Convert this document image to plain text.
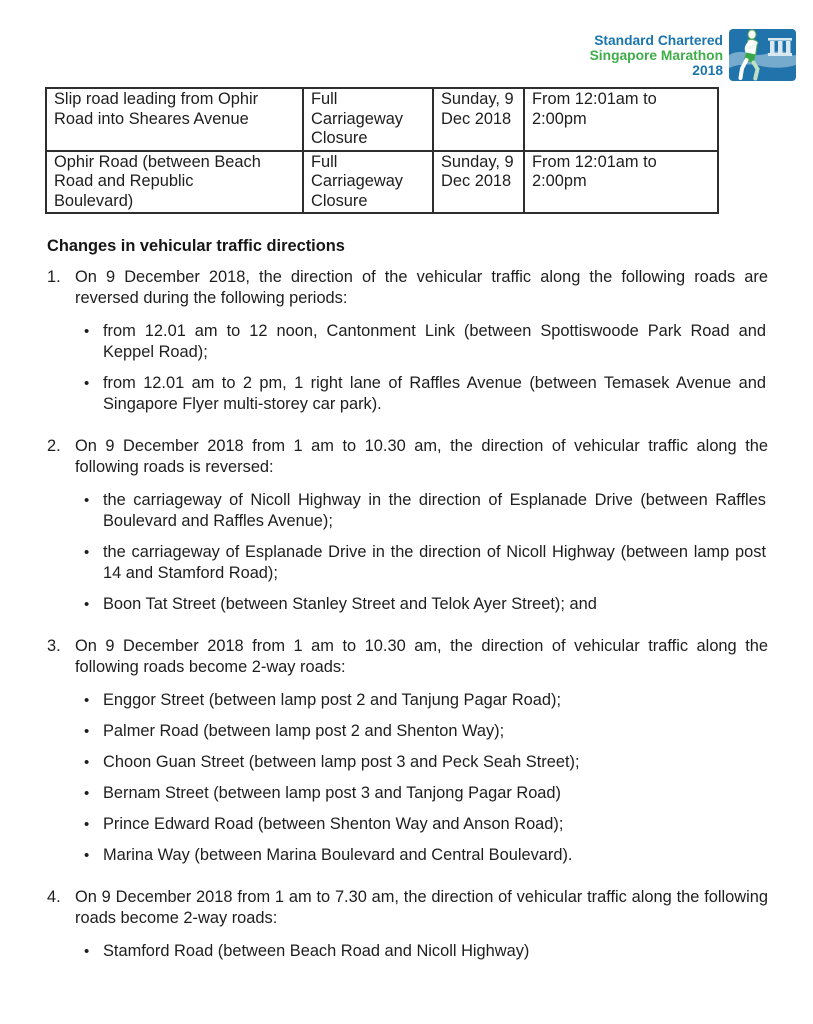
Standard Chartered
Singapore Marathon
2018
Slip road leading from Ophir Road into Sheares Avenue	Full Carriageway Closure	Sunday, 9 Dec 2018	From 12:01am to 2:00pm

Ophir Road (between Beach Road and Republic Boulevard)	Full Carriageway Closure	Sunday, 9 Dec 2018	From 12:01am to 2:00pm
Changes in vehicular traffic directions
1. On 9 December 2018, the direction of the vehicular traffic along the following roads are reversed during the following periods:

• from 12.01 am to 12 noon, Cantonment Link (between Spottiswoode Park Road and Keppel Road);

• from 12.01 am to 2 pm, 1 right lane of Raffles Avenue (between Temasek Avenue and Singapore Flyer multi-storey car park).

2. On 9 December 2018 from 1 am to 10.30 am, the direction of vehicular traffic along the following roads is reversed:

• the carriageway of Nicoll Highway in the direction of Esplanade Drive (between Raffles Boulevard and Raffles Avenue);

• the carriageway of Esplanade Drive in the direction of Nicoll Highway (between lamp post 14 and Stamford Road);

• Boon Tat Street (between Stanley Street and Telok Ayer Street); and

3. On 9 December 2018 from 1 am to 10.30 am, the direction of vehicular traffic along the following roads become 2-way roads:

• Enggor Street (between lamp post 2 and Tanjung Pagar Road);

• Palmer Road (between lamp post 2 and Shenton Way);

• Choon Guan Street (between lamp post 3 and Peck Seah Street);

• Bernam Street (between lamp post 3 and Tanjong Pagar Road)

• Prince Edward Road (between Shenton Way and Anson Road);

• Marina Way (between Marina Boulevard and Central Boulevard).

4. On 9 December 2018 from 1 am to 7.30 am, the direction of vehicular traffic along the following roads become 2-way roads:

• Stamford Road (between Beach Road and Nicoll Highway)
